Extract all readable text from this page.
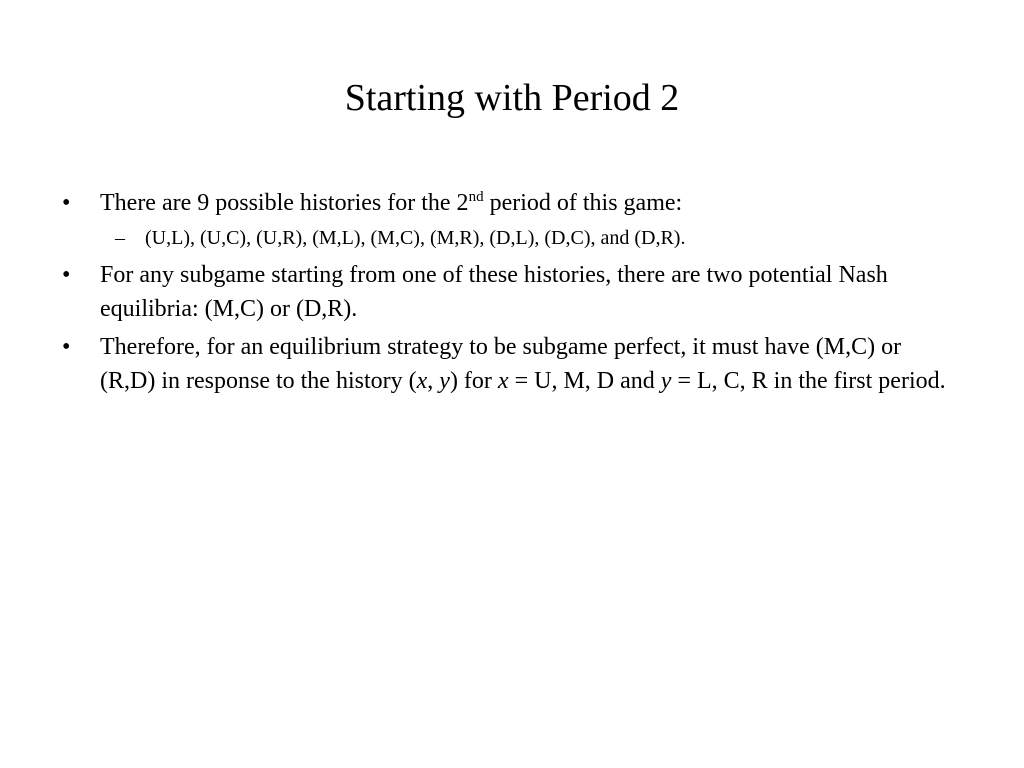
Starting with Period 2
• There are 9 possible histories for the 2nd period of this game:
– (U,L), (U,C), (U,R), (M,L), (M,C), (M,R), (D,L), (D,C), and (D,R).
• For any subgame starting from one of these histories, there are two potential Nash equilibria: (M,C) or (D,R).
• Therefore, for an equilibrium strategy to be subgame perfect, it must have (M,C) or (R,D) in response to the history (x, y) for x = U, M, D and y = L, C, R in the first period.
